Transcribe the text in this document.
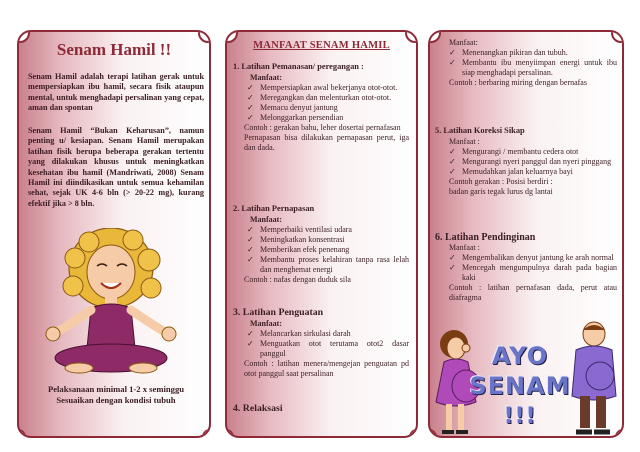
Senam Hamil !!
Senam Hamil adalah terapi latihan gerak untuk mempersiapkan ibu hamil, secara fisik ataupun mental, untuk menghadapi persalinan yang cepat, aman dan spontan
Senam Hamil “Bukan Keharusan”, namun penting u/ kesiapan. Senam Hamil merupakan latihan fisik berupa beberapa gerakan tertentu yang dilakukan khusus untuk meningkatkan kesehatan ibu hamil (Mandriwati, 2008) Senam Hamil ini diindikasikan untuk semua kehamilan sehat, sejak UK 4-6 bln (> 20-22 mg), kurang efektif jika > 8 bln.
Pelaksanaan minimal 1-2 x seminggu
Sesuaikan dengan kondisi tubuh
MANFAAT SENAM HAMIL
1. Latihan Pemanasan/ peregangan :
Manfaat:
✓ Mempersiapkan awal bekerjanya otot-otot.
✓ Meregangkan dan melenturkan otot-otot.
✓ Memacu denyut jantung
✓ Melonggarkan persendian
Contoh : gerakan bahu, leher dosertai pernafasan
Pernapasan bisa dilakukan pernapasan perut, iga dan dada.
2. Latihan Pernapasan
Manfaat:
✓ Memperbaiki ventilasi udara
✓ Meningkatkan konsentrasi
✓ Memberikan efek penenang
✓ Membantu proses kelahiran tanpa rasa lelah dan menghemat energi
Contoh : nafas dengan duduk sila
3. Latihan Penguatan
Manfaat:
✓ Melancarkan sirkulasi darah
✓ Menguatkan otot terutama otot2 dasar panggul
Contoh : latihan menera/mengejan penguatan pd otot panggul saat persalinan
4. Relaksasi
Manfaat:
✓ Menenangkan pikiran dan tubuh.
✓ Membantu ibu menyiimpan energi untuk ibu siap menghadapi persalinan.
Contoh : berbaring miring dengan bernafas
5. Latihan Koreksi Sikap
Manfaat :
✓ Mengurangi / membantu cedera otot
✓ Mengurangi nyeri panggul dan nyeri pinggang
✓ Memudahkan jalan keluarnya bayi
Contoh gerakan : Posisi berdiri :
badan garis tegak lurus dg lantai
6. Latihan Pendinginan
Manfaat :
✓ Mengembalikan denyut jantung ke arah normal
✓ Mencegah mengumpulnya darah pada bagian kaki
Contoh : latihan pernafasan dada, perut atau diafragma
AYO
SENAM
!!!
